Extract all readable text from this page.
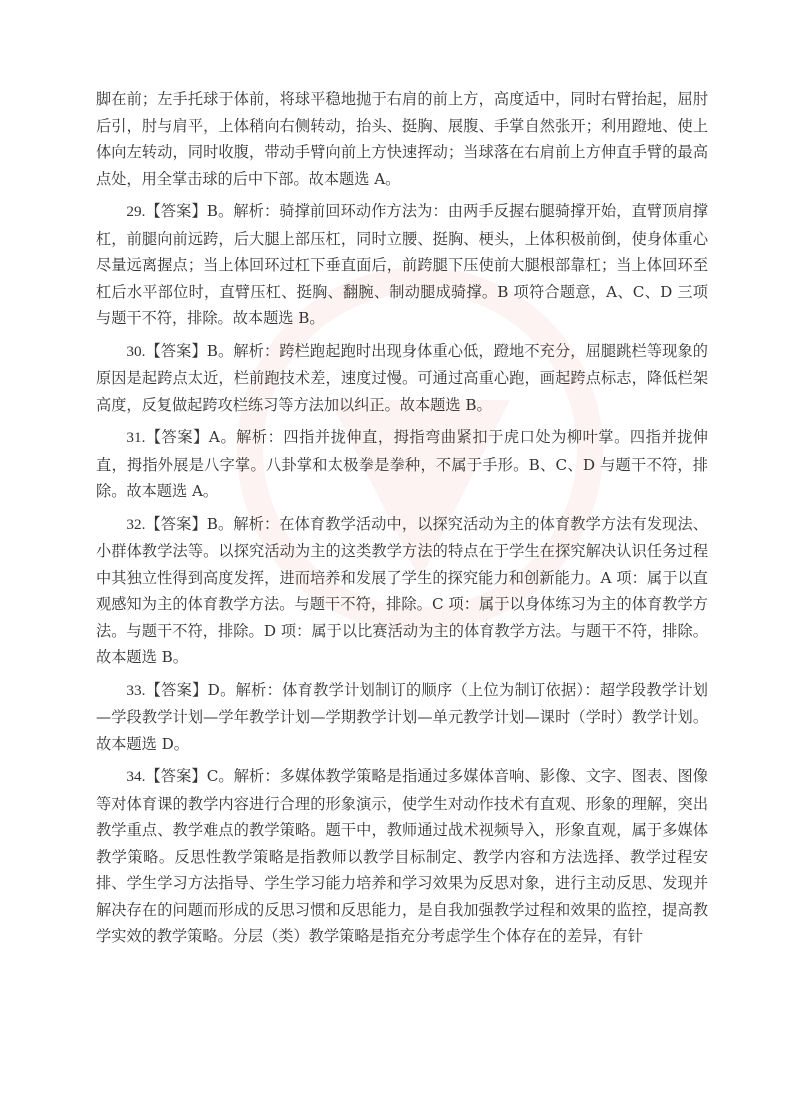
脚在前；左手托球于体前，将球平稳地抛于右肩的前上方，高度适中，同时右臂抬起，屈肘后引，肘与肩平，上体稍向右侧转动，抬头、挺胸、展腹、手掌自然张开；利用蹬地、使上体向左转动，同时收腹，带动手臂向前上方快速挥动；当球落在右肩前上方伸直手臂的最高点处，用全掌击球的后中下部。故本题选 A。

29.【答案】B。解析：骑撑前回环动作方法为：由两手反握右腿骑撑开始，直臂顶肩撑杠，前腿向前远跨，后大腿上部压杠，同时立腰、挺胸、梗头，上体积极前倒，使身体重心尽量远离握点；当上体回环过杠下垂直面后，前跨腿下压使前大腿根部靠杠；当上体回环至杠后水平部位时，直臂压杠、挺胸、翻腕、制动腿成骑撑。B 项符合题意，A、C、D 三项与题干不符，排除。故本题选 B。

30.【答案】B。解析：跨栏跑起跑时出现身体重心低，蹬地不充分，屈腿跳栏等现象的原因是起跨点太近，栏前跑技术差，速度过慢。可通过高重心跑，画起跨点标志，降低栏架高度，反复做起跨攻栏练习等方法加以纠正。故本题选 B。

31.【答案】A。解析：四指并拢伸直，拇指弯曲紧扣于虎口处为柳叶掌。四指并拢伸直，拇指外展是八字掌。八卦掌和太极拳是拳种，不属于手形。B、C、D 与题干不符，排除。故本题选 A。

32.【答案】B。解析：在体育教学活动中，以探究活动为主的体育教学方法有发现法、小群体教学法等。以探究活动为主的这类教学方法的特点在于学生在探究解决认识任务过程中其独立性得到高度发挥，进而培养和发展了学生的探究能力和创新能力。A 项：属于以直观感知为主的体育教学方法。与题干不符，排除。C 项：属于以身体练习为主的体育教学方法。与题干不符，排除。D 项：属于以比赛活动为主的体育教学方法。与题干不符，排除。故本题选 B。

33.【答案】D。解析：体育教学计划制订的顺序（上位为制订依据）：超学段教学计划—学段教学计划—学年教学计划—学期教学计划—单元教学计划—课时（学时）教学计划。故本题选 D。

34.【答案】C。解析：多媒体教学策略是指通过多媒体音响、影像、文字、图表、图像等对体育课的教学内容进行合理的形象演示，使学生对动作技术有直观、形象的理解，突出教学重点、教学难点的教学策略。题干中，教师通过战术视频导入，形象直观，属于多媒体教学策略。反思性教学策略是指教师以教学目标制定、教学内容和方法选择、教学过程安排、学生学习方法指导、学生学习能力培养和学习效果为反思对象，进行主动反思、发现并解决存在的问题而形成的反思习惯和反思能力，是自我加强教学过程和效果的监控，提高教学实效的教学策略。分层（类）教学策略是指充分考虑学生个体存在的差异，有针
